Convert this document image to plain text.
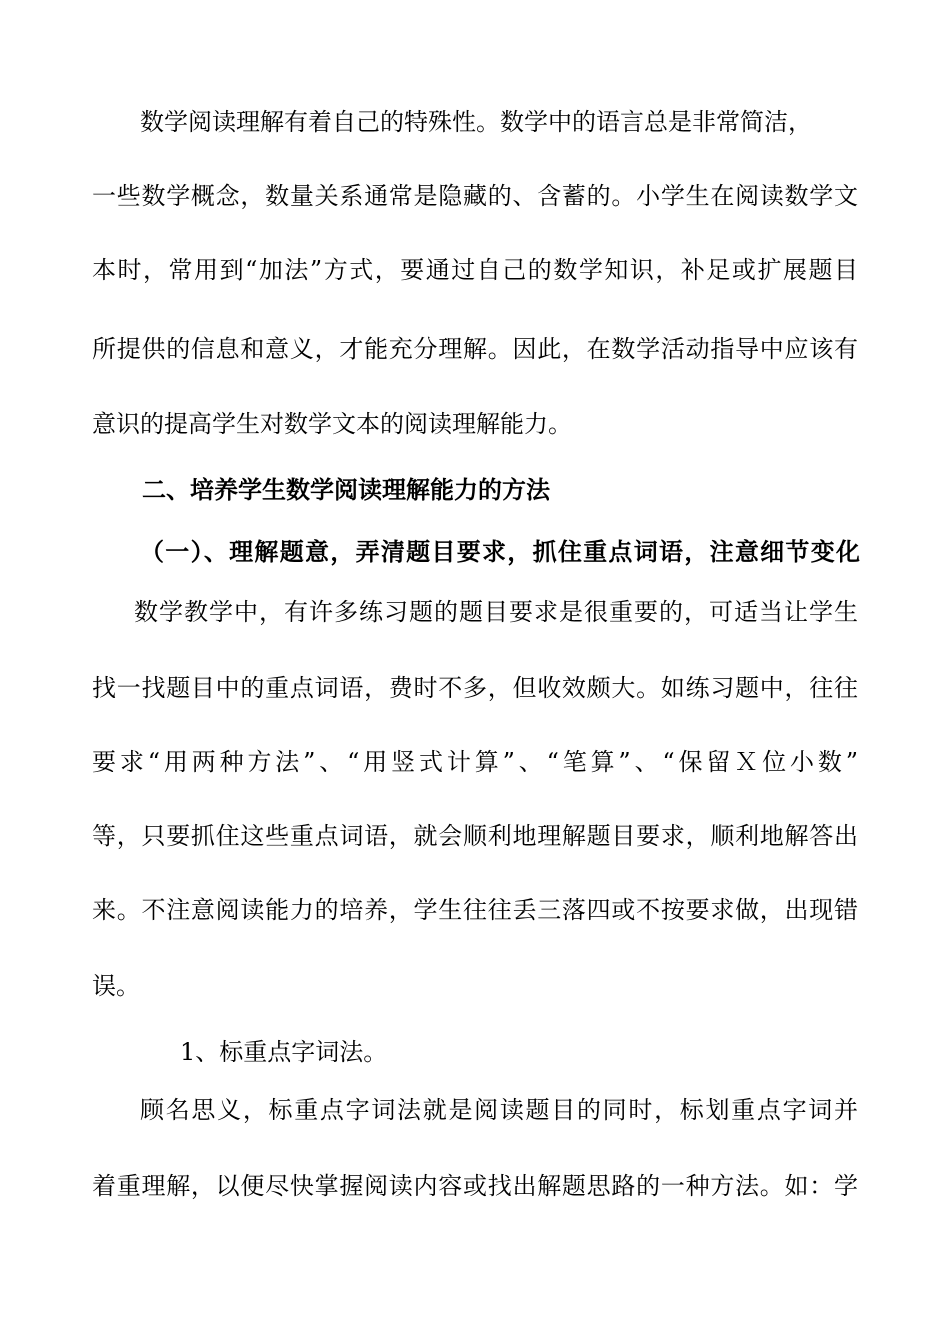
数学阅读理解有着自己的特殊性。数学中的语言总是非常简洁，
一些数学概念，数量关系通常是隐藏的、含蓄的。小学生在阅读数学文
本时，常用到“加法”方式，要通过自己的数学知识，补足或扩展题目
所提供的信息和意义，才能充分理解。因此，在数学活动指导中应该有
意识的提高学生对数学文本的阅读理解能力。
二、培养学生数学阅读理解能力的方法
（一）、理解题意，弄清题目要求，抓住重点词语，注意细节变化
数学教学中，有许多练习题的题目要求是很重要的，可适当让学生
找一找题目中的重点词语，费时不多，但收效颇大。如练习题中，往往
要求“用两种方法”、“用竖式计算”、“笔算”、“保留Ｘ位小数”
等，只要抓住这些重点词语，就会顺利地理解题目要求，顺利地解答出
来。不注意阅读能力的培养，学生往往丢三落四或不按要求做，出现错
误。
1、标重点字词法。
顾名思义，标重点字词法就是阅读题目的同时，标划重点字词并
着重理解，以便尽快掌握阅读内容或找出解题思路的一种方法。如：学
